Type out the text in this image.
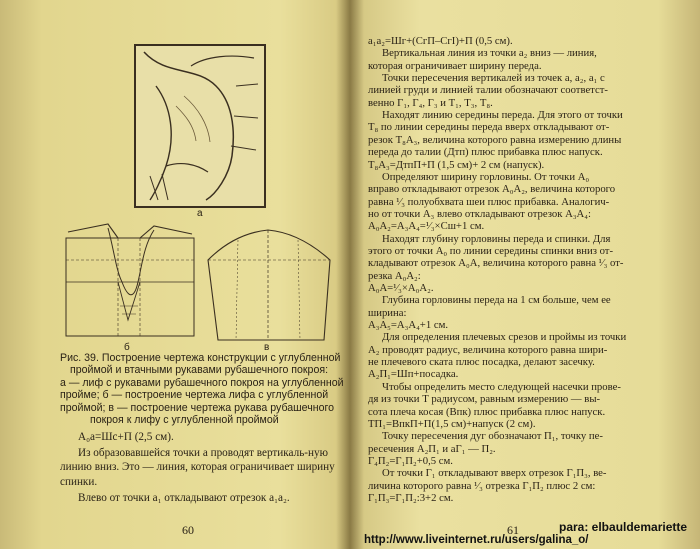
а
б	в
Рис. 39. Построение чертежа конструкции с углубленной
проймой и втачными рукавами рубашечного покроя:
а — лиф с рукавами рубашечного покроя на углубленной
пройме; б — построение чертежа лифа с углубленной
проймой; в — построение чертежа рукава рубашечного
покроя к лифу с углубленной проймой

А₀а=Шс+П (2,5 см).

Из образовавшейся точки а проводят вертикаль-ную линию вниз. Это — линия, которая ограничивает ширину спинки.

Влево от точки а₁ откладывают отрезок а₁а₂.

60

а₁а₂=Шг+(СгП–СгI)+П (0,5 см).

Вертикальная линия из точки а₂ вниз — линия,

которая ограничивает ширину переда.

Точки пересечения вертикалей из точек а, а₂, а₁ с

линией груди и линией талии обозначают соответст-

венно Г₁, Г₄, Г₃ и Т₁, Т₃, Т₈.

Находят линию середины переда. Для этого от точки

Т₈ по линии середины переда вверх откладывают от-

резок Т₈А₃, величина которого равна измерению длины

переда до талии (Дтп) плюс прибавка плюс напуск.

Т₈А₃=ДтпП+П (1,5 см)+ 2 см (напуск).

Определяют ширину горловины. От точки А₀

вправо откладывают отрезок А₀А₂, величина которого

равна ¹⁄₃ полуобхвата шеи плюс прибавка. Аналогич-

но от точки А₃ влево откладывают отрезок А₃А₄:

А₀А₂=А₃А₄=¹⁄₃×Сш+1 см.

Находят глубину горловины переда и спинки. Для

этого от точки А₀ по линии середины спинки вниз от-

кладывают отрезок А₀А, величина которого равна ¹⁄₃ от-

резка А₀А₂:

А₀А=¹⁄₃×А₀А₂.

Глубина горловины переда на 1 см больше, чем ее

ширина:

А₃А₅=А₃А₄+1 см.

Для определения плечевых срезов и проймы из точки

А₂ проводят радиус, величина которого равна шири-

не плечевого ската плюс посадка, делают засечку.

А₂П₁=Шп+посадка.

Чтобы определить место следующей насечки прове-

дя из точки Т радиусом, равным измерению — вы-

сота плеча косая (Впк) плюс прибавка плюс напуск.

ТП₁=ВпкП+П(1,5 см)+напуск (2 см).

Точку пересечения дуг обозначают П₁, точку пе-

ресечения А₂П₁ и аГ₁ — П₂.

Г₄П₂=Г₁П₂+0,5 см.

От точки Г₁ откладывают вверх отрезок Г₁П₃, ве-

личина которого равна ¹⁄₃ отрезка Г₁П₂ плюс 2 см:

Г₁П₃=Г₁П₂:3+2 см.

61	para: elbauldemariette
http://www.liveinternet.ru/users/galina_o/
